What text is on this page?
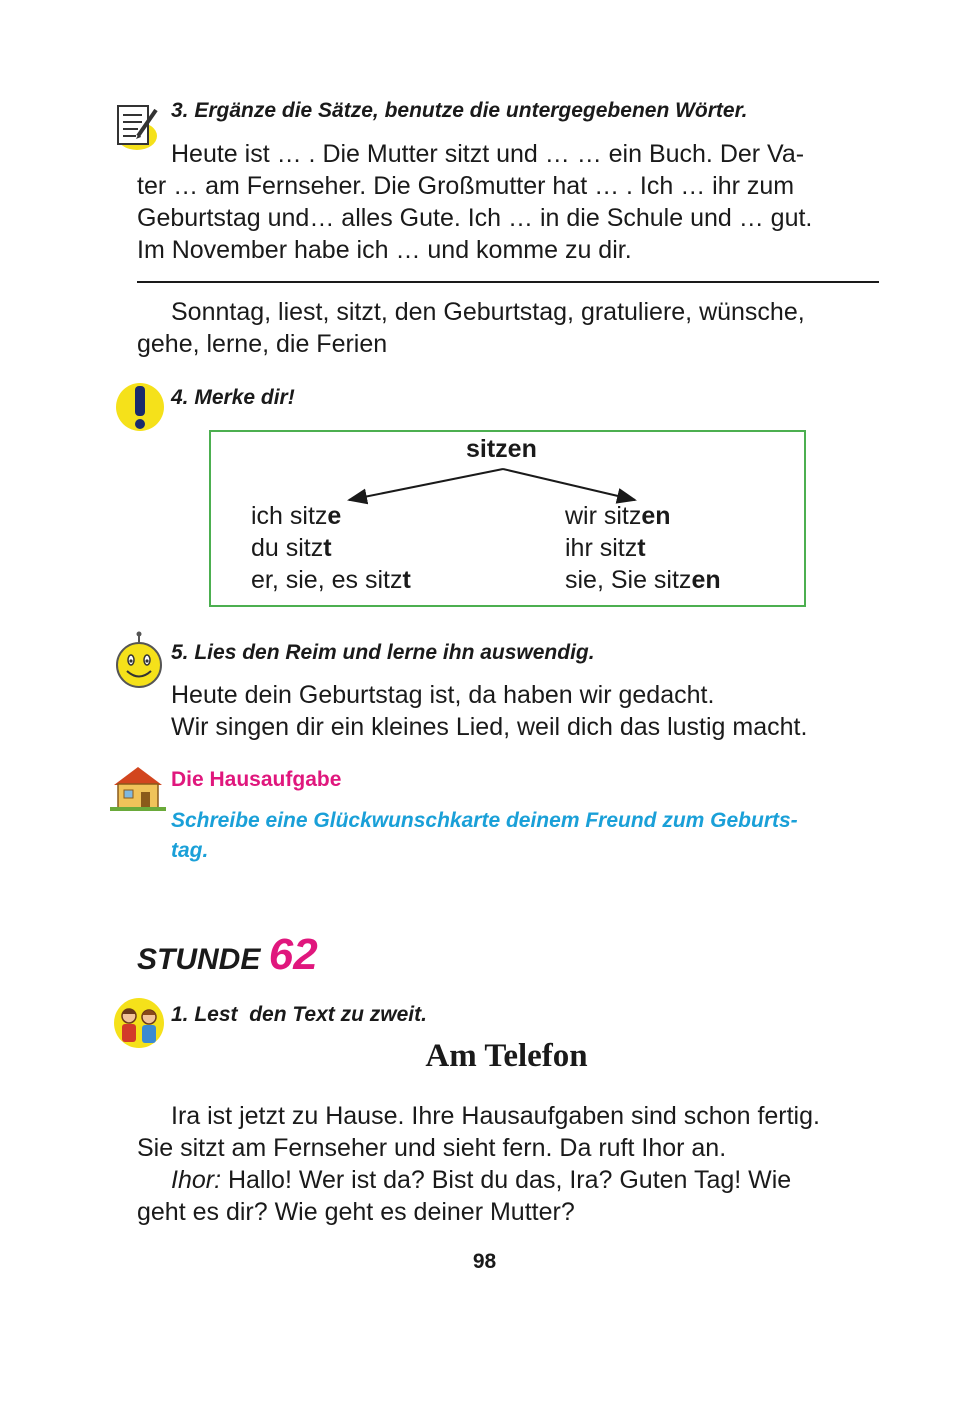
3. Ergänze die Sätze, benutze die untergegebenen Wörter.

Heute ist … . Die Mutter sitzt und … … ein Buch. Der Va-

ter … am Fernseher. Die Großmutter hat … . Ich … ihr zum

Geburtstag und… alles Gute. Ich … in die Schule und … gut.

Im November habe ich … und komme zu dir.

Sonntag, liest, sitzt, den Geburtstag, gratuliere, wünsche,

gehe, lerne, die Ferien

4. Merke dir!
sitzen
ich sitze
du sitzt
er, sie, es sitzt
wir sitzen
ihr sitzt
sie, Sie sitzen
5. Lies den Reim und lerne ihn auswendig.

Heute dein Geburtstag ist, da haben wir gedacht.

Wir singen dir ein kleines Lied, weil dich das lustig macht.

Die Hausaufgabe
Schreibe eine Glückwunschkarte deinem Freund zum Geburts-
tag.
STUNDE 62
1. Lest  den Text zu zweit.
Am Telefon

Ira ist jetzt zu Hause. Ihre Hausaufgaben sind schon fertig.

Sie sitzt am Fernseher und sieht fern. Da ruft Ihor an.

Ihor: Hallo! Wer ist da? Bist du das, Ira? Guten Tag! Wie

geht es dir? Wie geht es deiner Mutter?

98
